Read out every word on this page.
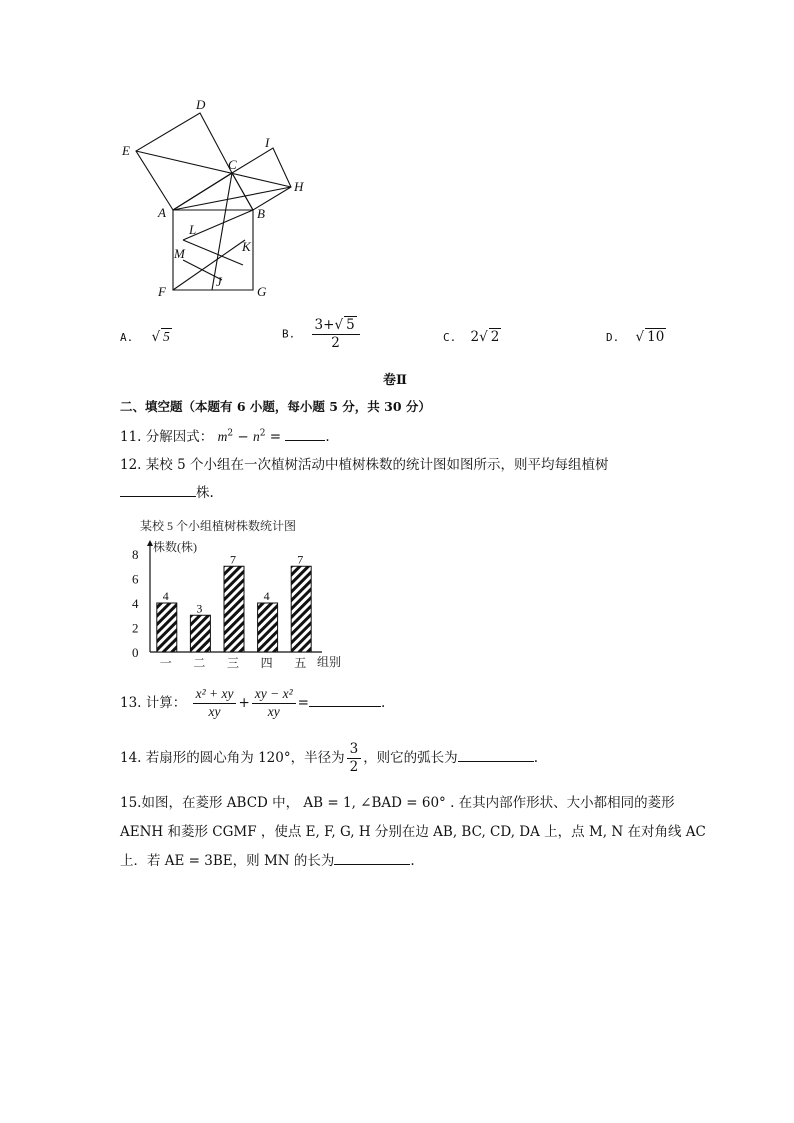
D
E
C
I
H
A	B
L
K
M
J
F	G
A. √ 5	B. $\frac{3+√ 5}{2}$	C. 2√ 2	D. √ 10
卷Ⅱ
二、填空题（本题有 6 小题，每小题 5 分，共 30 分）
11. 分解因式： $m^2 - n^2$ =	.
12. 某校 5 个小组在一次植树活动中植树株数的统计图如图所示，则平均每组植树
株.
某校 5 个小组植树株数统计图
株数(株)
组别
0
2
4
6
8
4
一
3
二
7
三
4
四
7
五
13. 计算： $\frac{\text{x² + xy}}{xy} + \frac{\text{xy − x²}}{xy}$ =	.
14. 若扇形的圆心角为 120°，半径为 $\frac{3}{2}$ ，则它的弧长为	.
15.如图，在菱形 ABCD 中， AB = 1, ∠BAD = 60° . 在其内部作形状、大小都相同的菱形
AENH 和菱形 CGMF ，使点 E, F, G, H 分别在边 AB, BC, CD, DA 上，点 M, N 在对角线 AC
上．若 AE = 3BE，则 MN 的长为	.
